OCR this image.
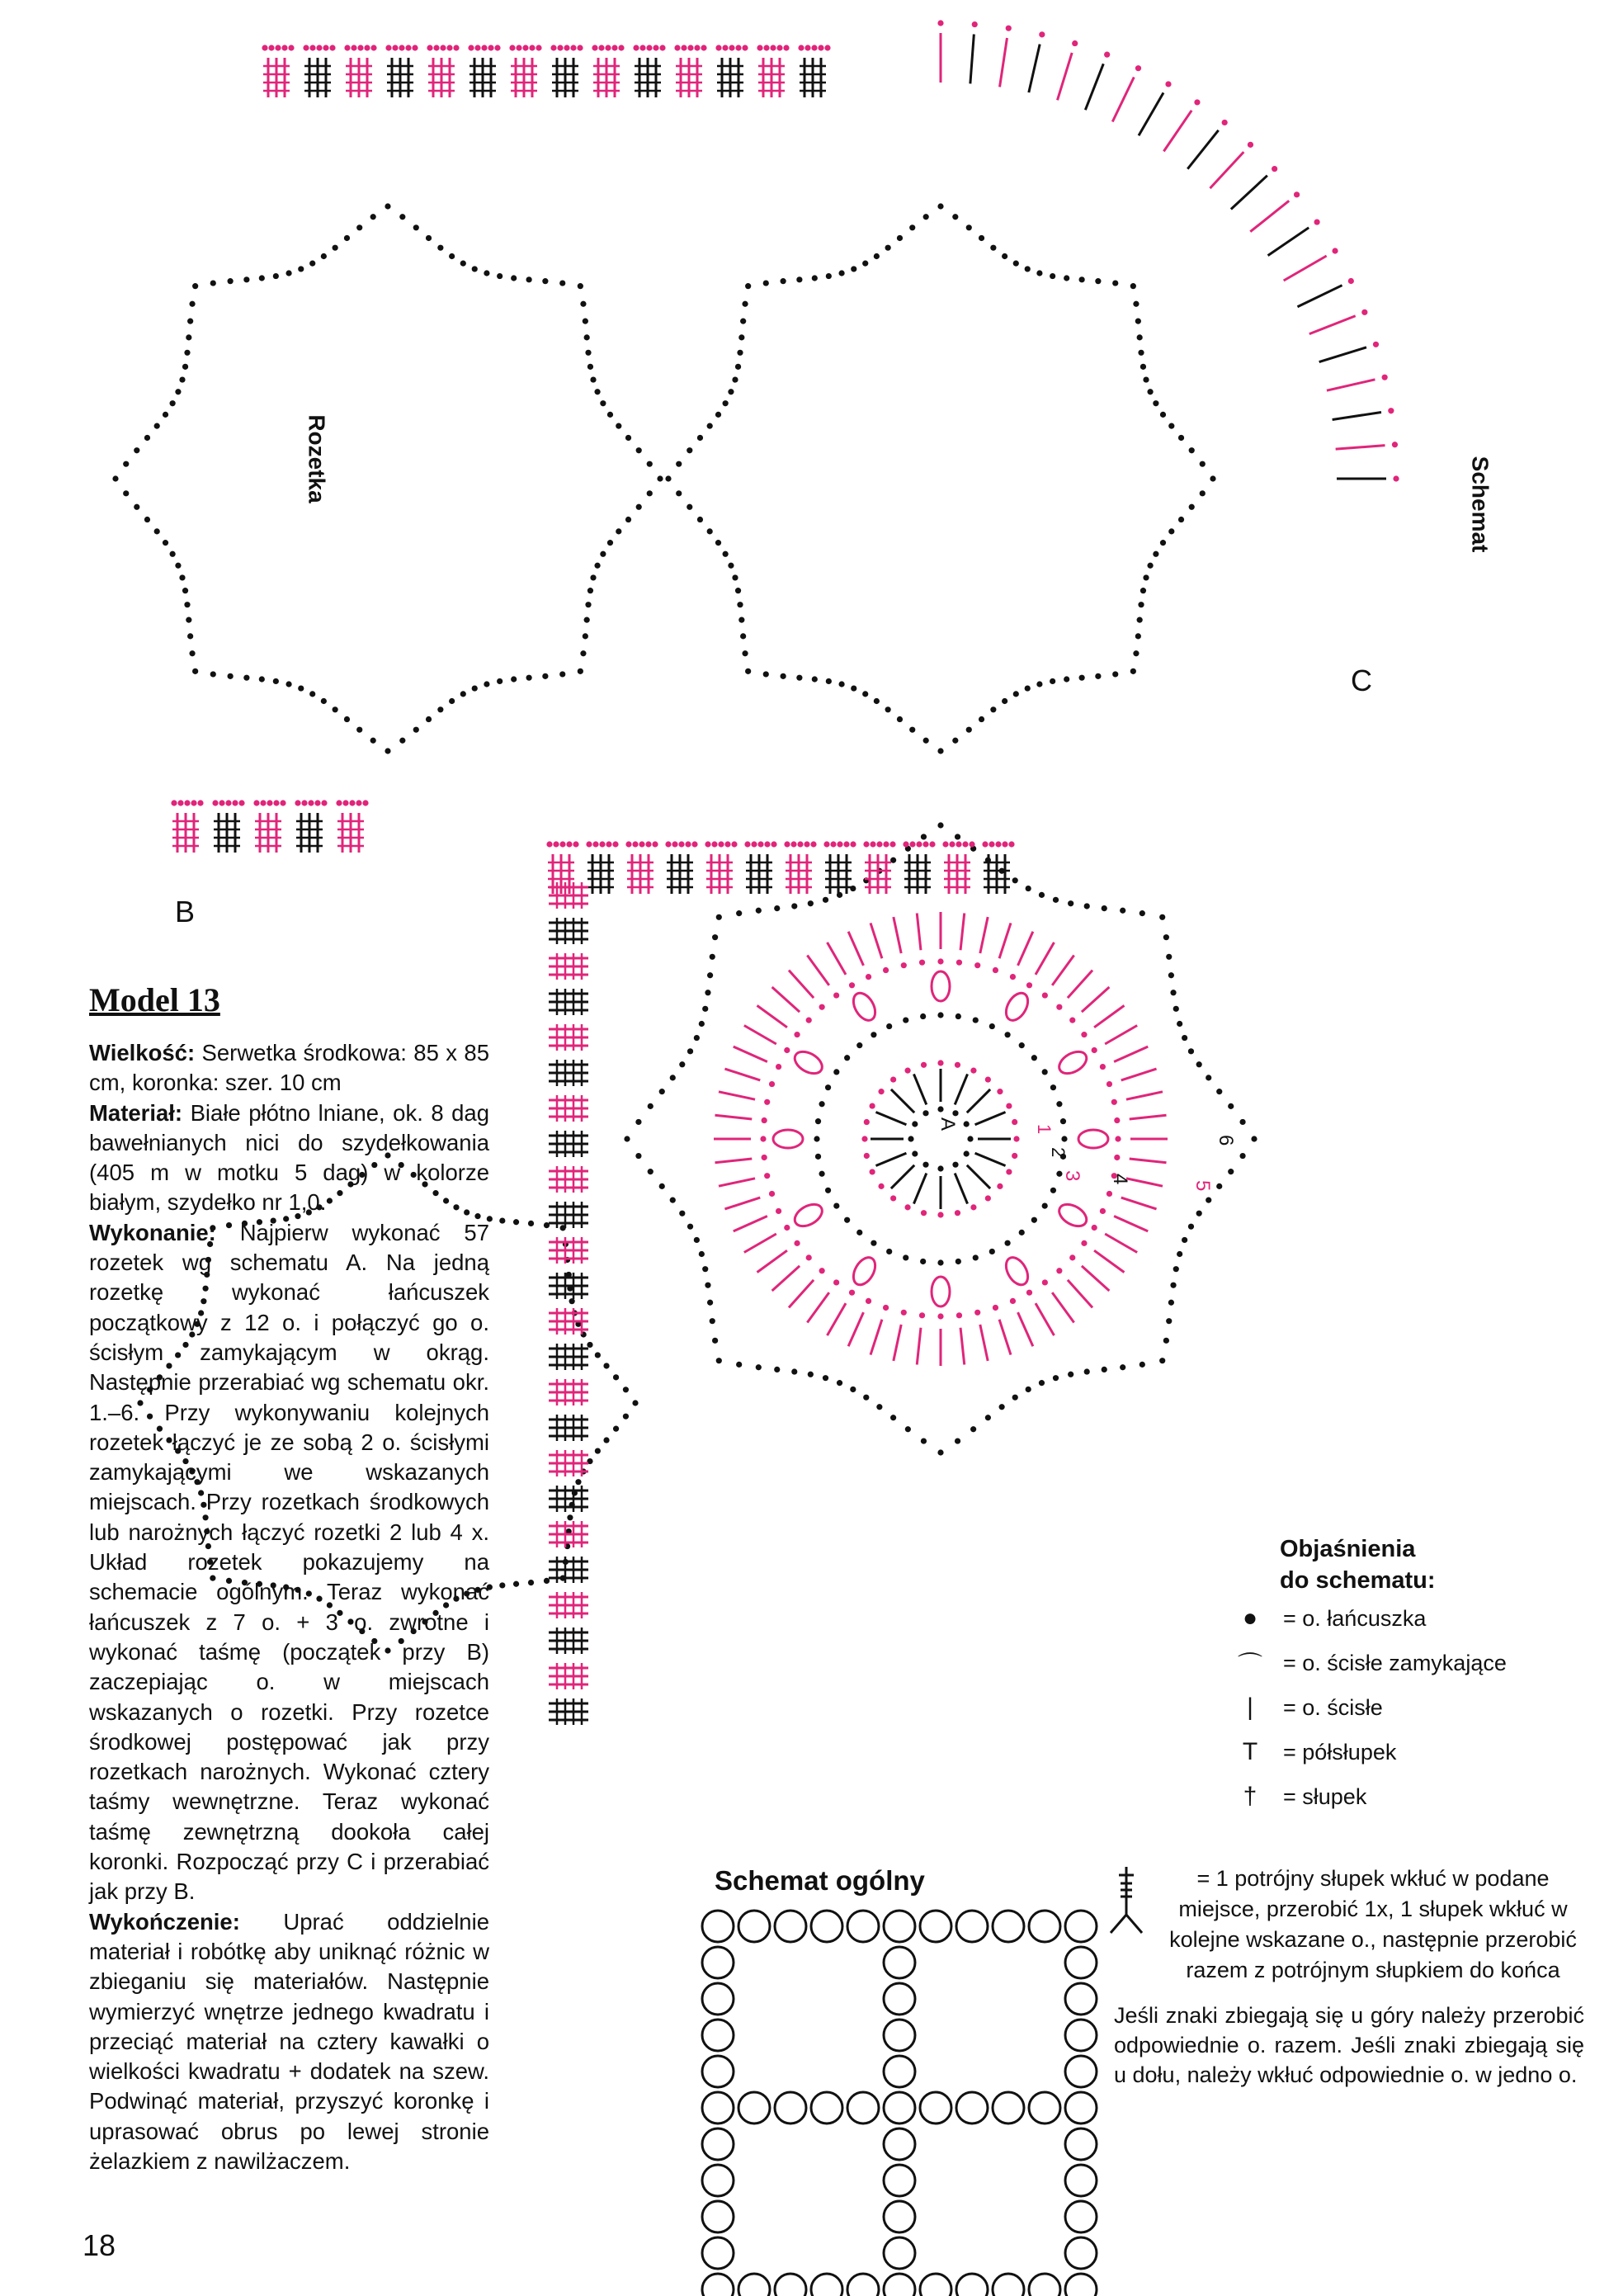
1
2
3 4
5
6
Rozetka	Schemat
B
C
A
Model 13

Wielkość: Serwetka środkowa: 85 x 85 cm, koronka: szer. 10 cm

Materiał: Białe płótno lniane, ok. 8 dag bawełnianych nici do szydełkowania (405 m w motku 5 dag) w kolorze białym, szydełko nr 1,0.

Wykonanie: Najpierw wykonać 57 rozetek wg schematu A. Na jedną rozetkę wykonać łańcuszek początkowy z 12 o. i połączyć go o. ścisłym zamykającym w okrąg. Następnie przerabiać wg schematu okr. 1.–6. Przy wykonywaniu kolejnych rozetek łączyć je ze sobą 2 o. ścisłymi zamykającymi we wskazanych miejscach. Przy rozetkach środkowych lub narożnych łączyć rozetki 2 lub 4 x. Układ rozetek pokazujemy na schemacie ogólnym. Teraz wykonać łańcuszek z 7 o. + 3 o. zwrotne i wykonać taśmę (początek przy B) zaczepiając o. w miejscach wskazanych o rozetki. Przy rozetce środkowej postępować jak przy rozetkach narożnych. Wykonać cztery taśmy wewnętrzne. Teraz wykonać taśmę zewnętrzną dookoła całej koronki. Rozpocząć przy C i przerabiać jak przy B.

Wykończenie: Uprać oddzielnie materiał i robótkę aby uniknąć różnic w zbieganiu się materiałów. Następnie wymierzyć wnętrze jednego kwadratu i przeciąć materiał na cztery kawałki o wielkości kwadratu + dodatek na szew. Podwinąć materiał, przyszyć koronkę i uprasować obrus po lewej stronie żelazkiem z nawilżaczem.

Schemat ogólny
Objaśnienia
do schematu:
●	= o. łańcuszka
⌒ = o. ścisłe zamykające
|	= o. ścisłe
T	= półsłupek
†	= słupek
= 1 potrójny słupek wkłuć w podane miejsce, przerobić 1x, 1 słupek wkłuć w kolejne wskazane o., następnie przerobić razem z potrójnym słupkiem do końca
Jeśli znaki zbiegają się u góry należy przerobić odpowiednie o. razem. Jeśli znaki zbiegają się u dołu, należy wkłuć odpowiednie o. w jedno o.
18
